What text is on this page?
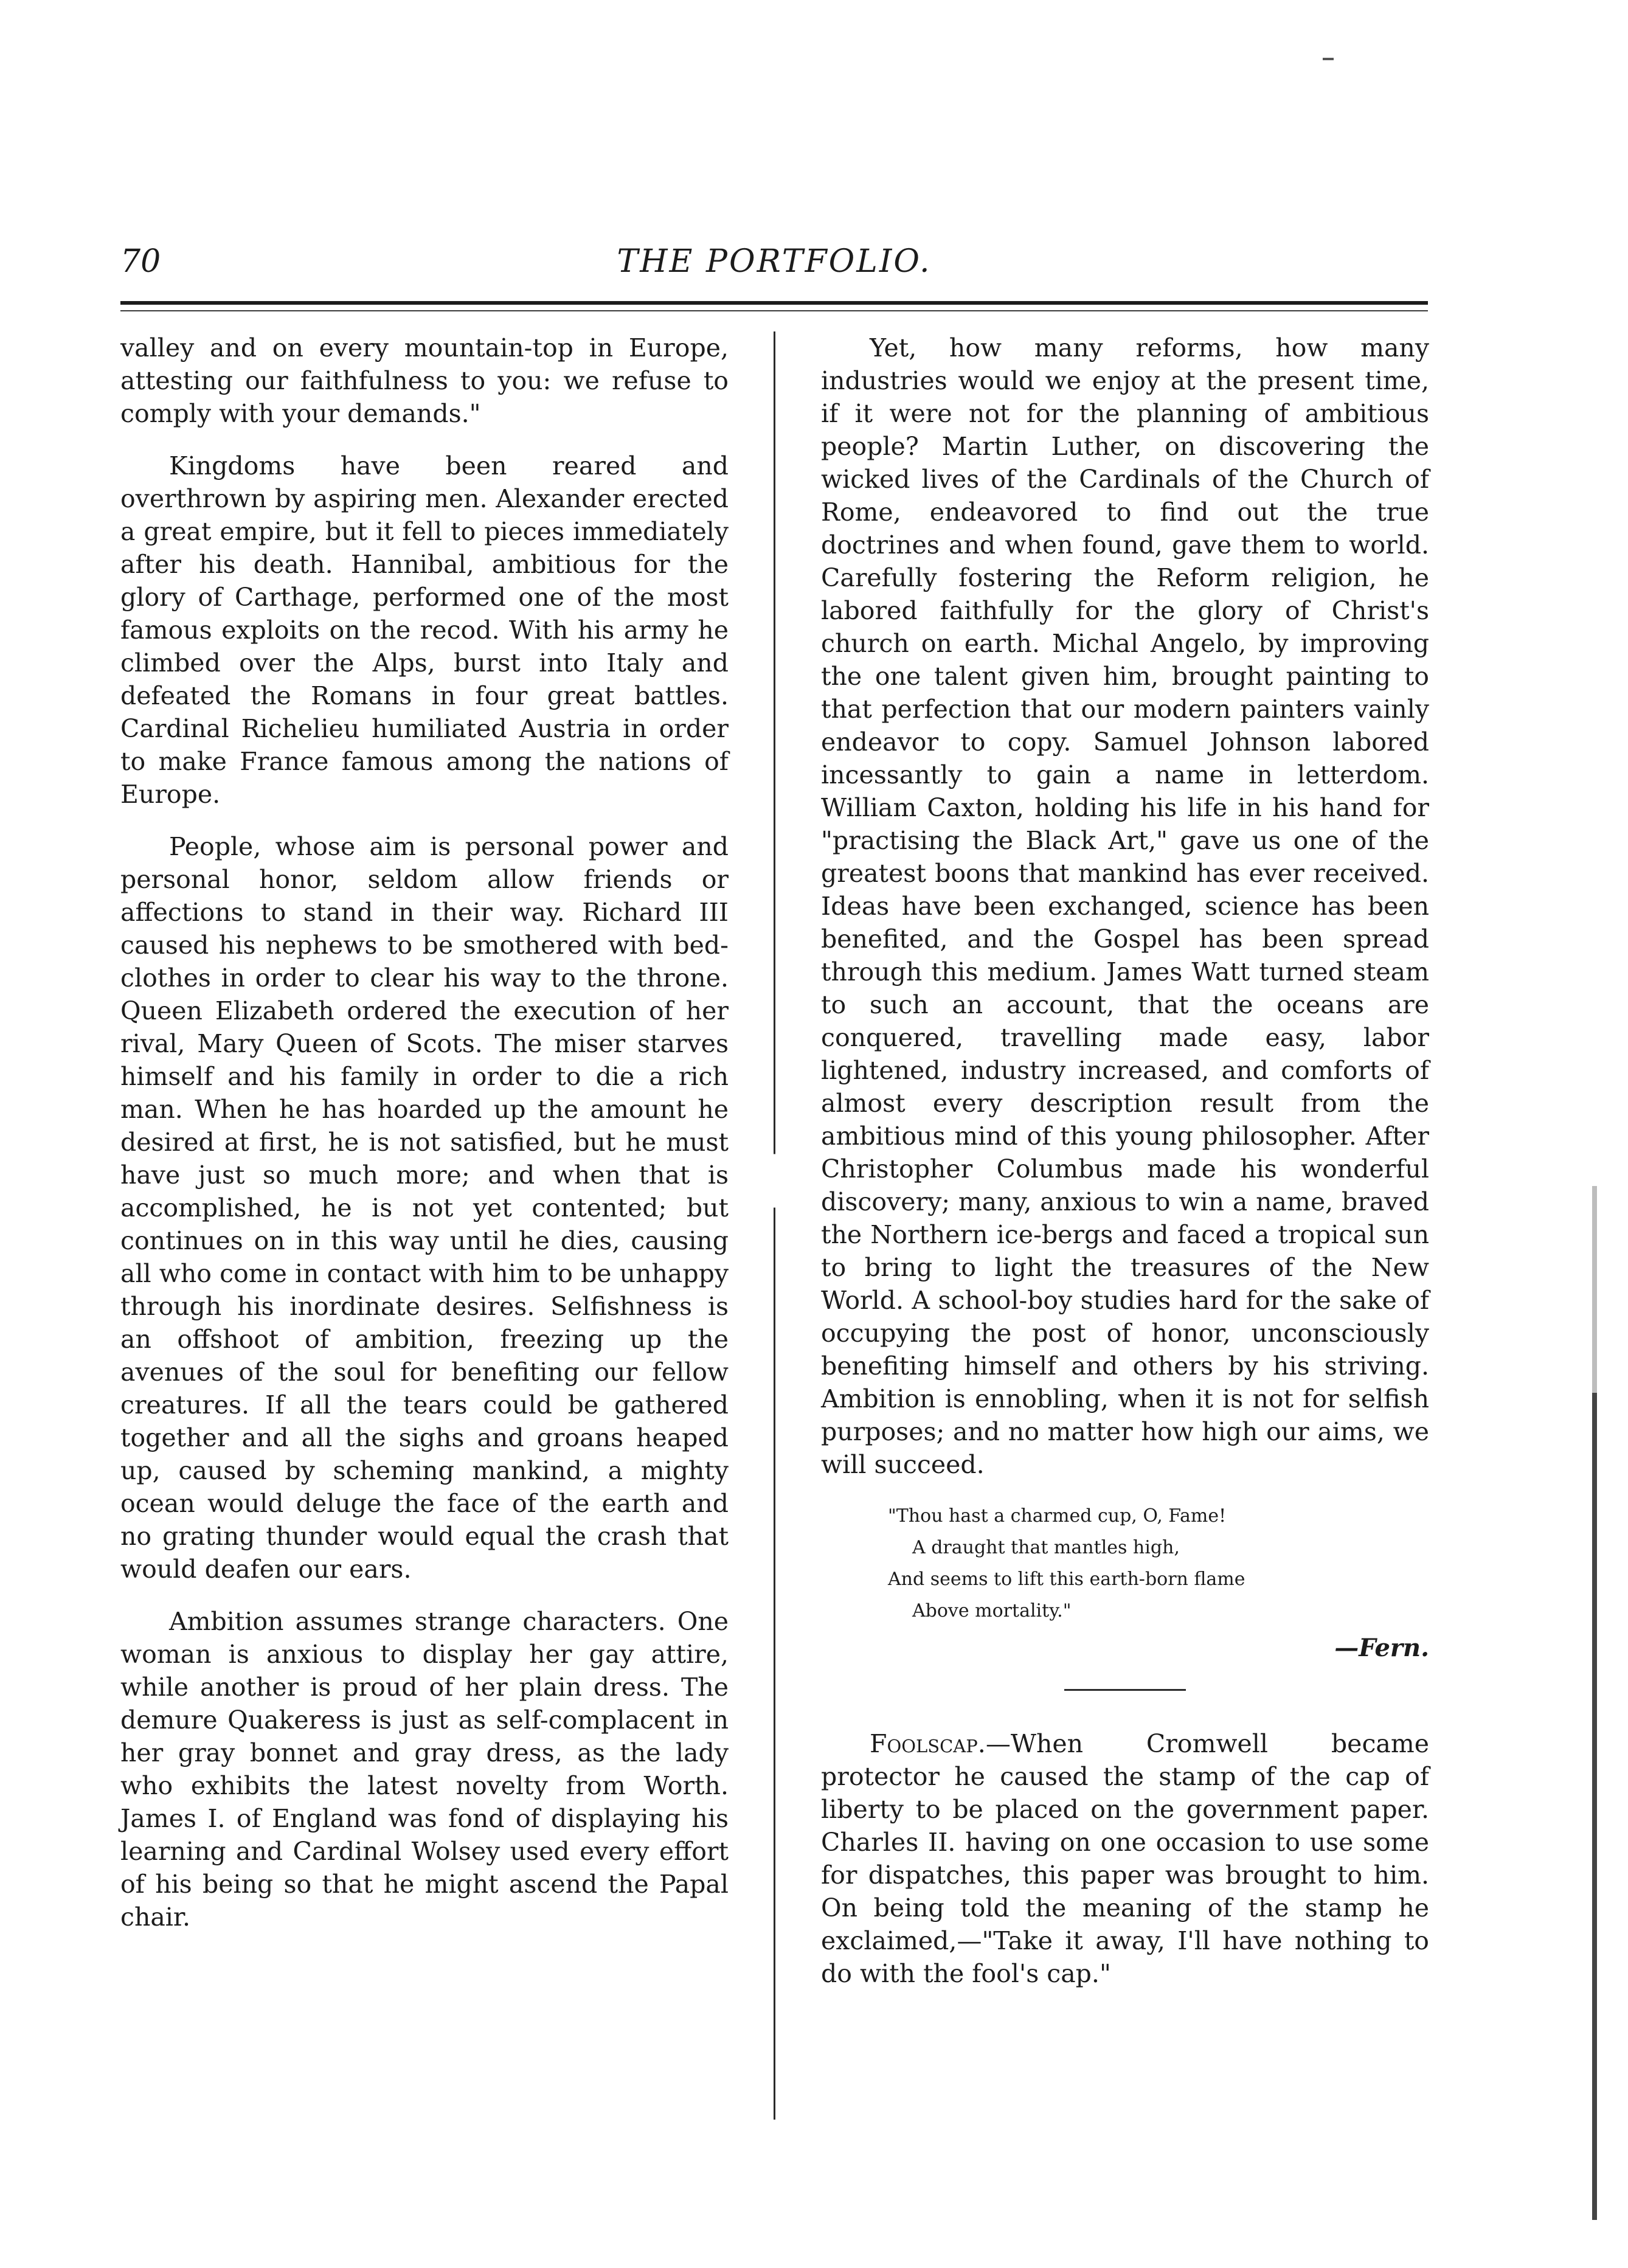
70	THE PORTFOLIO.

valley and on every mountain-top in Europe, attesting our faithfulness to you: we refuse to comply with your demands."

Kingdoms have been reared and overthrown by aspiring men. Alexander erected a great empire, but it fell to pieces immediately after his death. Hannibal, ambitious for the glory of Carthage, performed one of the most famous exploits on the recod. With his army he climbed over the Alps, burst into Italy and defeated the Romans in four great battles. Cardinal Richelieu humiliated Austria in order to make France famous among the nations of Europe.

People, whose aim is personal power and personal honor, seldom allow friends or affections to stand in their way. Richard III caused his nephews to be smothered with bed-clothes in order to clear his way to the throne. Queen Elizabeth ordered the execution of her rival, Mary Queen of Scots. The miser starves himself and his family in order to die a rich man. When he has hoarded up the amount he desired at first, he is not satisfied, but he must have just so much more; and when that is accomplished, he is not yet contented; but continues on in this way until he dies, causing all who come in contact with him to be unhappy through his inordinate desires. Selfishness is an offshoot of ambition, freezing up the avenues of the soul for benefiting our fellow creatures. If all the tears could be gathered together and all the sighs and groans heaped up, caused by scheming mankind, a mighty ocean would deluge the face of the earth and no grating thunder would equal the crash that would deafen our ears.

Ambition assumes strange characters. One woman is anxious to display her gay attire, while another is proud of her plain dress. The demure Quakeress is just as self-complacent in her gray bonnet and gray dress, as the lady who exhibits the latest novelty from Worth. James I. of England was fond of displaying his learning and Cardinal Wolsey used every effort of his being so that he might ascend the Papal chair.

Yet, how many reforms, how many industries would we enjoy at the present time, if it were not for the planning of ambitious people? Martin Luther, on discovering the wicked lives of the Cardinals of the Church of Rome, endeavored to find out the true doctrines and when found, gave them to world. Carefully fostering the Reform religion, he labored faithfully for the glory of Christ's church on earth. Michal Angelo, by improving the one talent given him, brought painting to that perfection that our modern painters vainly endeavor to copy. Samuel Johnson labored incessantly to gain a name in letterdom. William Caxton, holding his life in his hand for "practising the Black Art," gave us one of the greatest boons that mankind has ever received. Ideas have been exchanged, science has been benefited, and the Gospel has been spread through this medium. James Watt turned steam to such an account, that the oceans are conquered, travelling made easy, labor lightened, industry increased, and comforts of almost every description result from the ambitious mind of this young philosopher. After Christopher Columbus made his wonderful discovery; many, anxious to win a name, braved the Northern ice-bergs and faced a tropical sun to bring to light the treasures of the New World. A school-boy studies hard for the sake of occupying the post of honor, unconsciously benefiting himself and others by his striving. Ambition is ennobling, when it is not for selfish purposes; and no matter how high our aims, we will succeed.

"Thou hast a charmed cup, O, Fame!
A draught that mantles high,
And seems to lift this earth-born flame
Above mortality."
—Fern.

Foolscap.—When Cromwell became protector he caused the stamp of the cap of liberty to be placed on the government paper. Charles II. having on one occasion to use some for dispatches, this paper was brought to him. On being told the meaning of the stamp he exclaimed,—"Take it away, I'll have nothing to do with the fool's cap."
